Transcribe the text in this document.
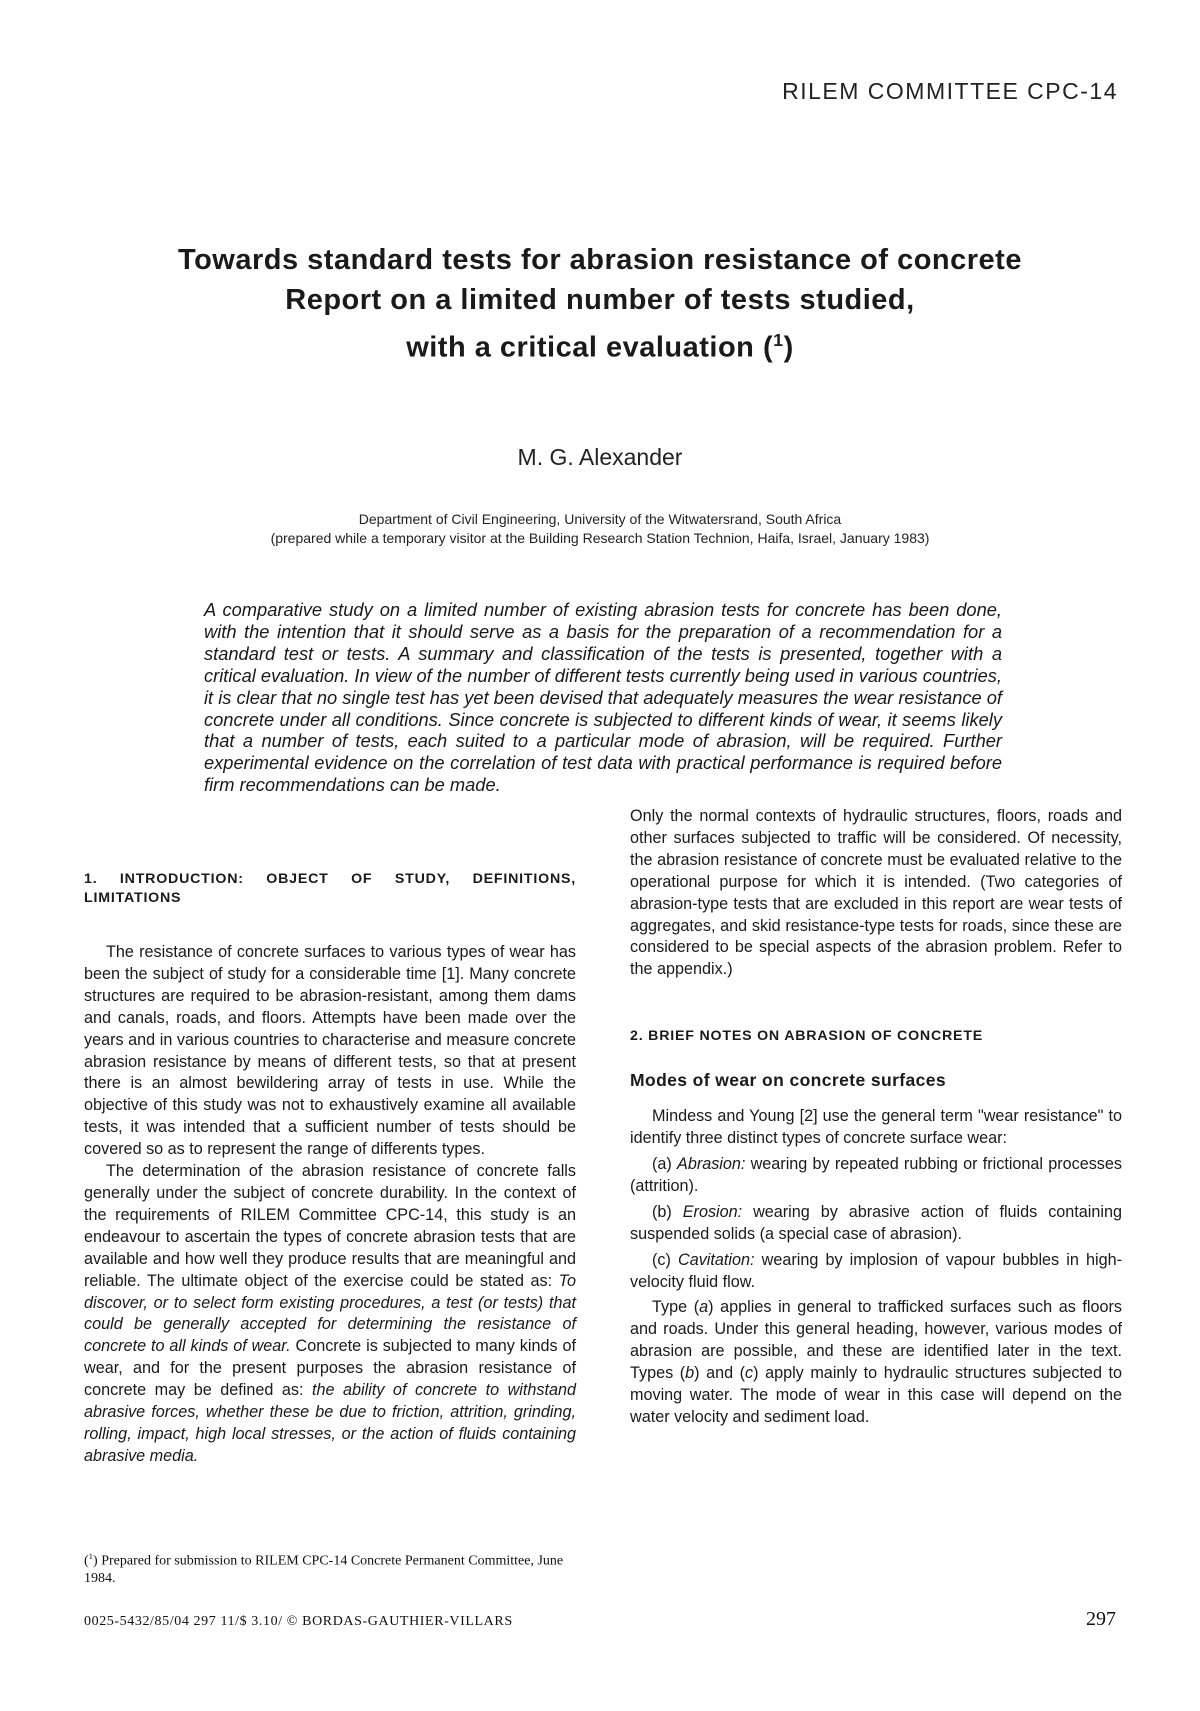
RILEM COMMITTEE CPC-14
Towards standard tests for abrasion resistance of concrete
Report on a limited number of tests studied,
with a critical evaluation ($^1$)
M. G. Alexander
Department of Civil Engineering, University of the Witwatersrand, South Africa
(prepared while a temporary visitor at the Building Research Station Technion, Haifa, Israel, January 1983)
A comparative study on a limited number of existing abrasion tests for concrete has been done, with the intention that it should serve as a basis for the preparation of a recommendation for a standard test or tests. A summary and classification of the tests is presented, together with a critical evaluation. In view of the number of different tests currently being used in various countries, it is clear that no single test has yet been devised that adequately measures the wear resistance of concrete under all conditions. Since concrete is subjected to different kinds of wear, it seems likely that a number of tests, each suited to a particular mode of abrasion, will be required. Further experimental evidence on the correlation of test data with practical performance is required before firm recommendations can be made.

1. INTRODUCTION: OBJECT OF STUDY, DEFINITIONS, LIMITATIONS

The resistance of concrete surfaces to various types of wear has been the subject of study for a considerable time [1]. Many concrete structures are required to be abrasion-resistant, among them dams and canals, roads, and floors. Attempts have been made over the years and in various countries to characterise and measure concrete abrasion resistance by means of different tests, so that at present there is an almost bewildering array of tests in use. While the objective of this study was not to exhaustively examine all available tests, it was intended that a sufficient number of tests should be covered so as to represent the range of differents types.

The determination of the abrasion resistance of concrete falls generally under the subject of concrete durability. In the context of the requirements of RILEM Committee CPC-14, this study is an endeavour to ascertain the types of concrete abrasion tests that are available and how well they produce results that are meaningful and reliable. The ultimate object of the exercise could be stated as: To discover, or to select form existing procedures, a test (or tests) that could be generally accepted for determining the resistance of concrete to all kinds of wear. Concrete is subjected to many kinds of wear, and for the present purposes the abrasion resistance of concrete may be defined as: the ability of concrete to withstand abrasive forces, whether these be due to friction, attrition, grinding, rolling, impact, high local stresses, or the action of fluids containing abrasive media.

Only the normal contexts of hydraulic structures, floors, roads and other surfaces subjected to traffic will be considered. Of necessity, the abrasion resistance of concrete must be evaluated relative to the operational purpose for which it is intended. (Two categories of abrasion-type tests that are excluded in this report are wear tests of aggregates, and skid resistance-type tests for roads, since these are considered to be special aspects of the abrasion problem. Refer to the appendix.)

2. BRIEF NOTES ON ABRASION OF CONCRETE

Modes of wear on concrete surfaces

Mindess and Young [2] use the general term "wear resistance" to identify three distinct types of concrete surface wear:

(a) Abrasion: wearing by repeated rubbing or frictional processes (attrition).

(b) Erosion: wearing by abrasive action of fluids containing suspended solids (a special case of abrasion).

(c) Cavitation: wearing by implosion of vapour bubbles in high-velocity fluid flow.

Type (a) applies in general to trafficked surfaces such as floors and roads. Under this general heading, however, various modes of abrasion are possible, and these are identified later in the text. Types (b) and (c) apply mainly to hydraulic structures subjected to moving water. The mode of wear in this case will depend on the water velocity and sediment load.

($^1$) Prepared for submission to RILEM CPC-14 Concrete Permanent Committee, June 1984.
0025-5432/85/04 297 11/$ 3.10/ © BORDAS-GAUTHIER-VILLARS	297
